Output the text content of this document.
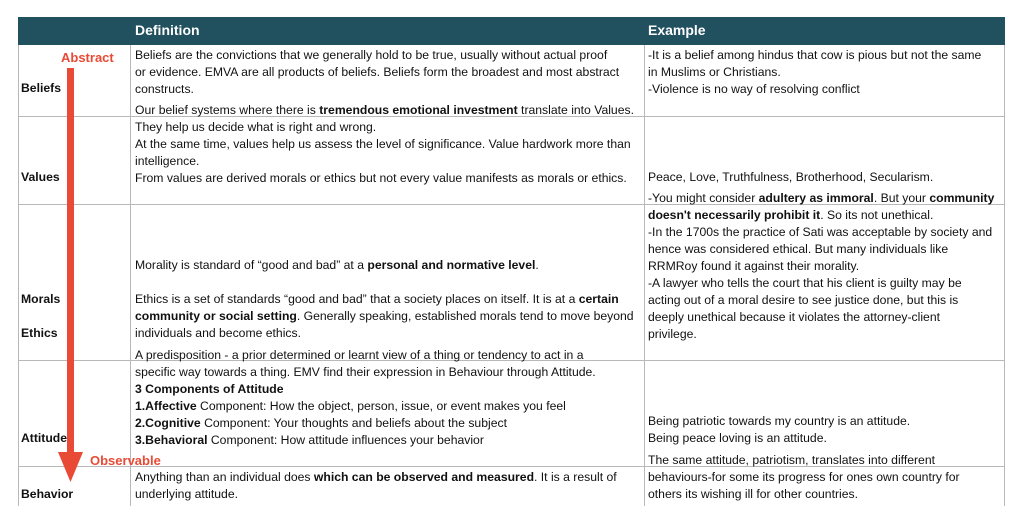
Definition	Example
Beliefs
Beliefs are the convictions that we generally hold to be true, usually without actual proof
or evidence. EMVA are all products of beliefs. Beliefs form the broadest and most abstract
constructs.
-It is a belief among hindus that cow is pious but not the same
in Muslims or Christians.
-Violence is no way of resolving conflict
Values
Our belief systems where there is tremendous emotional investment translate into Values.
They help us decide what is right and wrong.
At the same time, values help us assess the level of significance. Value hardwork more than
intelligence.
From values are derived morals or ethics but not every value manifests as morals or ethics.	Peace, Love, Truthfulness, Brotherhood, Secularism.
Morals
Ethics
Morality is standard of “good and bad” at a personal and normative level.
Ethics is a set of standards “good and bad” that a society places on itself. It is at a certain
community or social setting. Generally speaking, established morals tend to move beyond
individuals and become ethics.
-You might consider adultery as immoral. But your community
doesn't necessarily prohibit it. So its not unethical.
-In the 1700s the practice of Sati was acceptable by society and
hence was considered ethical. But many individuals like
RRMRoy found it against their morality.
-A lawyer who tells the court that his client is guilty may be
acting out of a moral desire to see justice done, but this is
deeply unethical because it violates the attorney-client
privilege.
Attitude
A predisposition - a prior determined or learnt view of a thing or tendency to act in a
specific way towards a thing. EMV find their expression in Behaviour through Attitude.
3 Components of Attitude
1.Affective Component: How the object, person, issue, or event makes you feel
2.Cognitive Component: Your thoughts and beliefs about the subject
3.Behavioral Component: How attitude influences your behavior
Being patriotic towards my country is an attitude.
Being peace loving is an attitude.
Behavior
Anything than an individual does which can be observed and measured. It is a result of
underlying attitude.
The same attitude, patriotism, translates into different
behaviours-for some its progress for ones own country for
others its wishing ill for other countries.
Abstract
Observable
